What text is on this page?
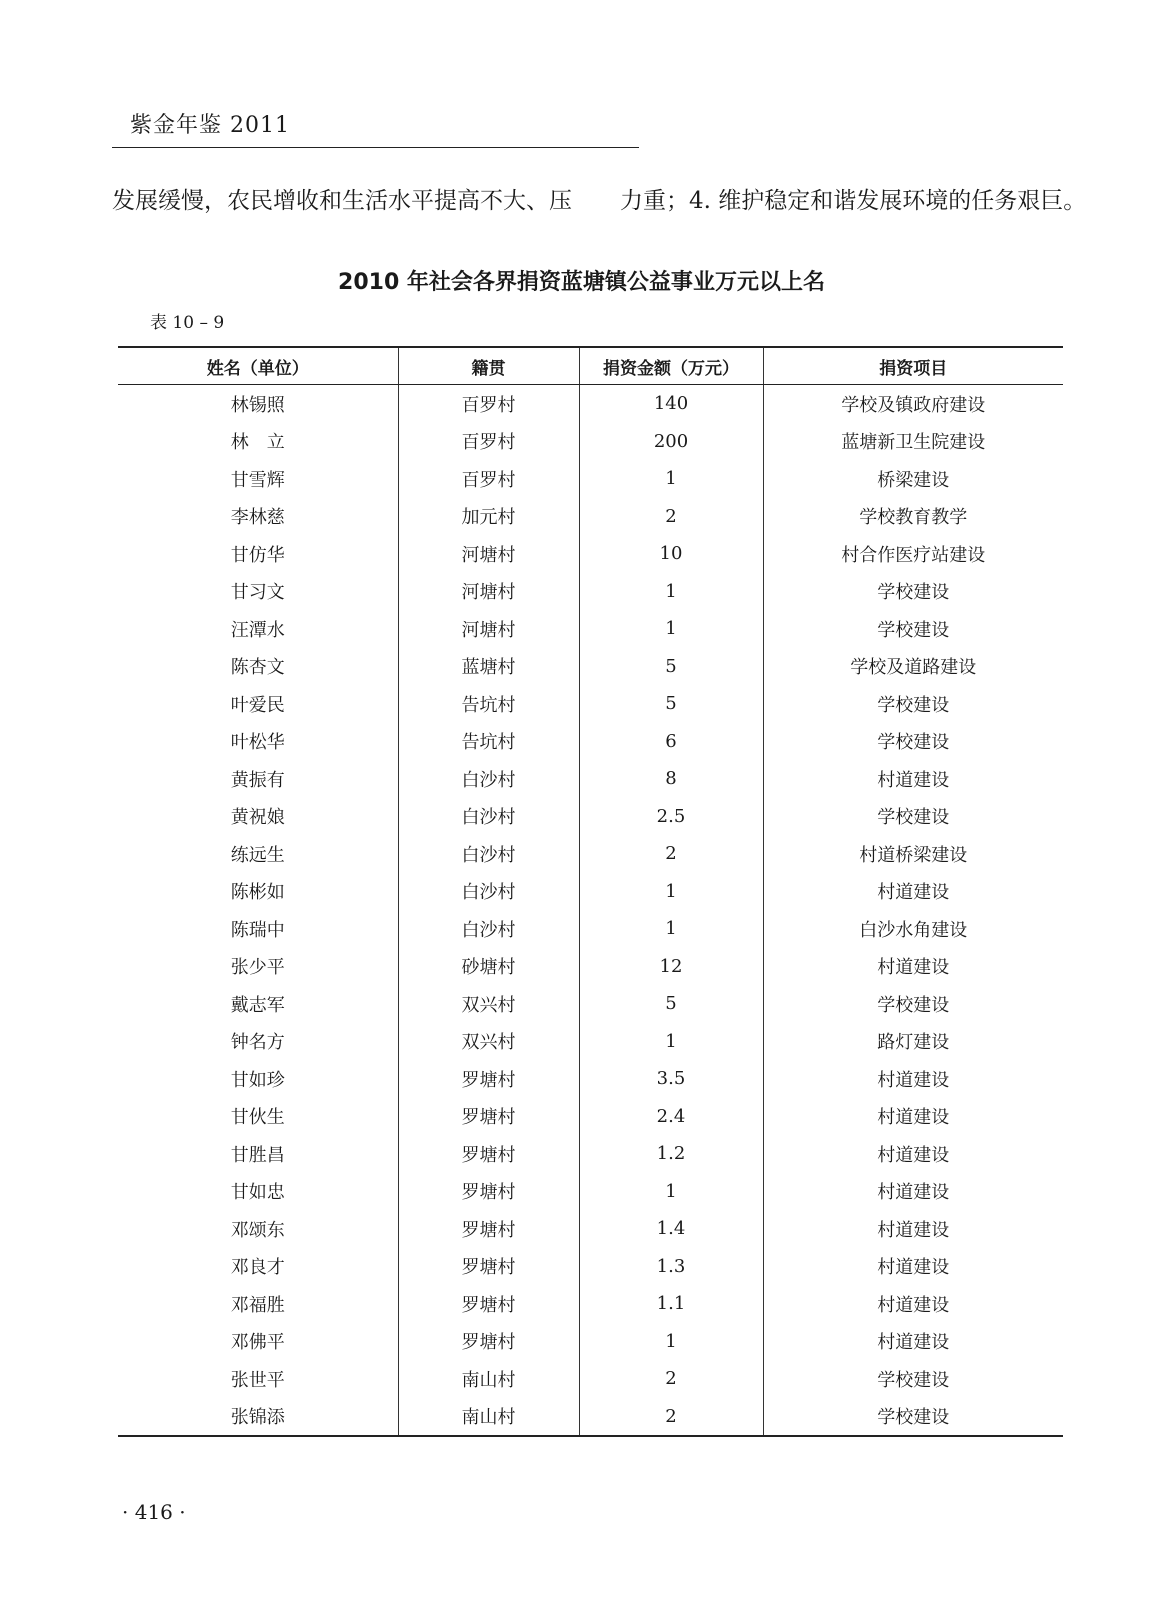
紫金年鉴 2011
发展缓慢，农民增收和生活水平提高不大、压 力重；4. 维护稳定和谐发展环境的任务艰巨。
2010 年社会各界捐资蓝塘镇公益事业万元以上名
表 10 – 9
姓名（单位）	籍贯	捐资金额（万元）	捐资项目
林锡照	百罗村	140	学校及镇政府建设
林　立	百罗村	200	蓝塘新卫生院建设
甘雪辉	百罗村	1	桥梁建设
李林慈	加元村	2	学校教育教学
甘仿华	河塘村	10	村合作医疗站建设
甘习文	河塘村	1	学校建设
汪潭水	河塘村	1	学校建设
陈杏文	蓝塘村	5	学校及道路建设
叶爱民	告坑村	5	学校建设
叶松华	告坑村	6	学校建设
黄振有	白沙村	8	村道建设
黄祝娘	白沙村	2.5	学校建设
练远生	白沙村	2	村道桥梁建设
陈彬如	白沙村	1	村道建设
陈瑞中	白沙村	1	白沙水角建设
张少平	砂塘村	12	村道建设
戴志军	双兴村	5	学校建设
钟名方	双兴村	1	路灯建设
甘如珍	罗塘村	3.5	村道建设
甘伙生	罗塘村	2.4	村道建设
甘胜昌	罗塘村	1.2	村道建设
甘如忠	罗塘村	1	村道建设
邓颂东	罗塘村	1.4	村道建设
邓良才	罗塘村	1.3	村道建设
邓福胜	罗塘村	1.1	村道建设
邓佛平	罗塘村	1	村道建设
张世平	南山村	2	学校建设
张锦添	南山村	2	学校建设
· 416 ·
